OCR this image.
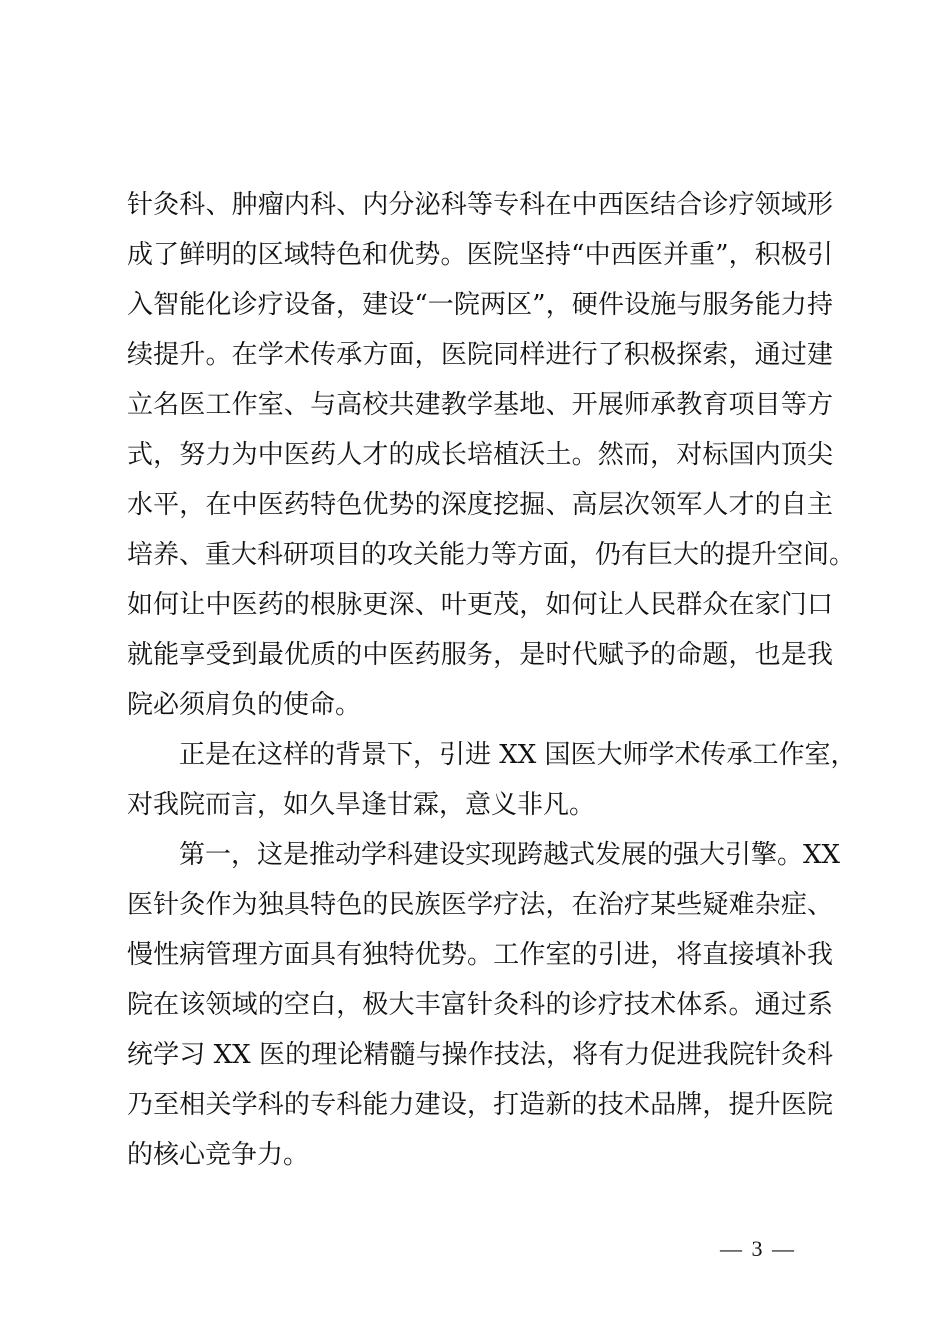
针灸科、肿瘤内科、内分泌科等专科在中西医结合诊疗领域形
成了鲜明的区域特色和优势。医院坚持“中西医并重”，积极引
入智能化诊疗设备，建设“一院两区”，硬件设施与服务能力持
续提升。在学术传承方面，医院同样进行了积极探索，通过建
立名医工作室、与高校共建教学基地、开展师承教育项目等方
式，努力为中医药人才的成长培植沃土。然而，对标国内顶尖
水平，在中医药特色优势的深度挖掘、高层次领军人才的自主
培养、重大科研项目的攻关能力等方面，仍有巨大的提升空间。
如何让中医药的根脉更深、叶更茂，如何让人民群众在家门口
就能享受到最优质的中医药服务，是时代赋予的命题，也是我
院必须肩负的使命。
正是在这样的背景下，引进 XX 国医大师学术传承工作室，
对我院而言，如久旱逢甘霖，意义非凡。
第一，这是推动学科建设实现跨越式发展的强大引擎。XX
医针灸作为独具特色的民族医学疗法，在治疗某些疑难杂症、
慢性病管理方面具有独特优势。工作室的引进，将直接填补我
院在该领域的空白，极大丰富针灸科的诊疗技术体系。通过系
统学习 XX 医的理论精髓与操作技法，将有力促进我院针灸科
乃至相关学科的专科能力建设，打造新的技术品牌，提升医院
的核心竞争力。
— 3 —
